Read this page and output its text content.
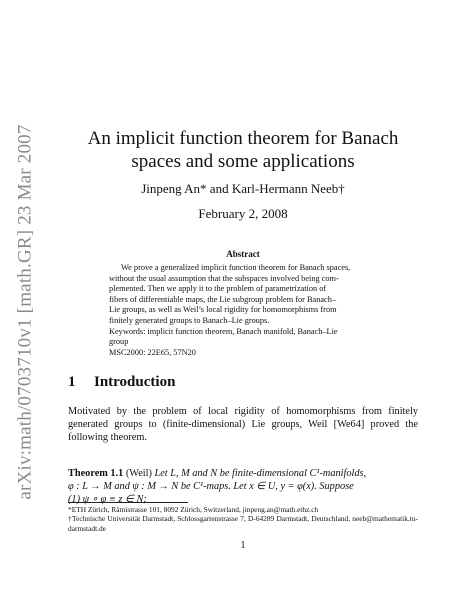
arXiv:math/0703710v1 [math.GR] 23 Mar 2007	An implicit function theorem for Banach
spaces and some applications
Jinpeng An* and Karl-Hermann Neeb†
February 2, 2008
Abstract

We prove a generalized implicit function theorem for Banach spaces,
without the usual assumption that the subspaces involved being com-
plemented. Then we apply it to the problem of parametrization of
fibers of differentiable maps, the Lie subgroup problem for Banach–
Lie groups, as well as Weil’s local rigidity for homomorphisms from
finitely generated groups to Banach–Lie groups.

Keywords: implicit function theorem, Banach manifold, Banach–Lie
group

MSC2000: 22E65, 57N20

1 Introduction

Motivated by the problem of local rigidity of homomorphisms from finitely generated groups to (finite-dimensional) Lie groups, Weil [We64] proved the following theorem.

Theorem 1.1 (Weil) Let L, M and N be finite-dimensional C¹-manifolds,
φ : L → M and ψ : M → N be C¹-maps. Let x ∈ U, y = φ(x). Suppose
(1) ψ ∘ φ ≡ z ∈ N;

*ETH Zürich, Rämistrasse 101, 8092 Zürich, Switzerland, jinpeng.an@math.ethz.ch

†Technische Universität Darmstadt, Schlossgartenstrasse 7, D-64289 Darmstadt, Deutschland, neeb@mathematik.tu-darmstadt.de

1
